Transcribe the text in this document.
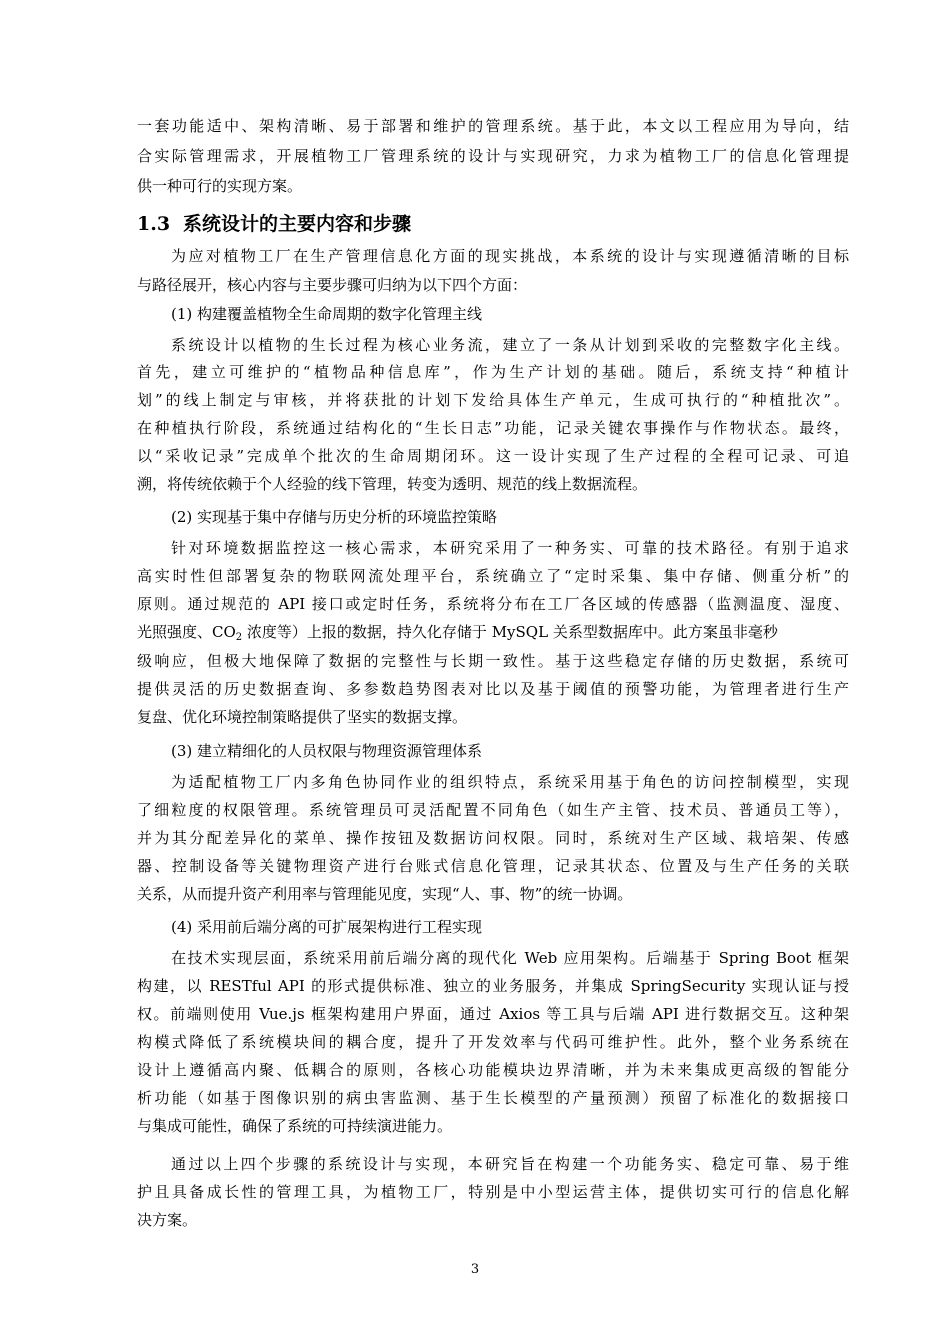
一套功能适中、架构清晰、易于部署和维护的管理系统。基于此，本文以工程应用为导向，结
合实际管理需求，开展植物工厂管理系统的设计与实现研究，力求为植物工厂的信息化管理提
供一种可行的实现方案。
1.3 系统设计的主要内容和步骤
为应对植物工厂在生产管理信息化方面的现实挑战，本系统的设计与实现遵循清晰的目标
与路径展开，核心内容与主要步骤可归纳为以下四个方面：
(1) 构建覆盖植物全生命周期的数字化管理主线
系统设计以植物的生长过程为核心业务流，建立了一条从计划到采收的完整数字化主线。
首先，建立可维护的“植物品种信息库”，作为生产计划的基础。随后，系统支持“种植计
划”的线上制定与审核，并将获批的计划下发给具体生产单元，生成可执行的“种植批次”。
在种植执行阶段，系统通过结构化的“生长日志”功能，记录关键农事操作与作物状态。最终，
以“采收记录”完成单个批次的生命周期闭环。这一设计实现了生产过程的全程可记录、可追
溯，将传统依赖于个人经验的线下管理，转变为透明、规范的线上数据流程。
(2) 实现基于集中存储与历史分析的环境监控策略
针对环境数据监控这一核心需求，本研究采用了一种务实、可靠的技术路径。有别于追求
高实时性但部署复杂的物联网流处理平台，系统确立了“定时采集、集中存储、侧重分析”的
原则。通过规范的 API 接口或定时任务，系统将分布在工厂各区域的传感器（监测温度、湿度、
光照强度、$CO_2$ 浓度等）上报的数据，持久化存储于 MySQL 关系型数据库中。此方案虽非毫秒
级响应，但极大地保障了数据的完整性与长期一致性。基于这些稳定存储的历史数据，系统可
提供灵活的历史数据查询、多参数趋势图表对比以及基于阈值的预警功能，为管理者进行生产
复盘、优化环境控制策略提供了坚实的数据支撑。
(3) 建立精细化的人员权限与物理资源管理体系
为适配植物工厂内多角色协同作业的组织特点，系统采用基于角色的访问控制模型，实现
了细粒度的权限管理。系统管理员可灵活配置不同角色（如生产主管、技术员、普通员工等），
并为其分配差异化的菜单、操作按钮及数据访问权限。同时，系统对生产区域、栽培架、传感
器、控制设备等关键物理资产进行台账式信息化管理，记录其状态、位置及与生产任务的关联
关系，从而提升资产利用率与管理能见度，实现“人、事、物”的统一协调。
(4) 采用前后端分离的可扩展架构进行工程实现
在技术实现层面，系统采用前后端分离的现代化 Web 应用架构。后端基于 Spring Boot 框架
构建，以 RESTful API 的形式提供标准、独立的业务服务，并集成 SpringSecurity 实现认证与授
权。前端则使用 Vue.js 框架构建用户界面，通过 Axios 等工具与后端 API 进行数据交互。这种架
构模式降低了系统模块间的耦合度，提升了开发效率与代码可维护性。此外，整个业务系统在
设计上遵循高内聚、低耦合的原则，各核心功能模块边界清晰，并为未来集成更高级的智能分
析功能（如基于图像识别的病虫害监测、基于生长模型的产量预测）预留了标准化的数据接口
与集成可能性，确保了系统的可持续演进能力。
通过以上四个步骤的系统设计与实现，本研究旨在构建一个功能务实、稳定可靠、易于维
护且具备成长性的管理工具，为植物工厂，特别是中小型运营主体，提供切实可行的信息化解
决方案。
3
